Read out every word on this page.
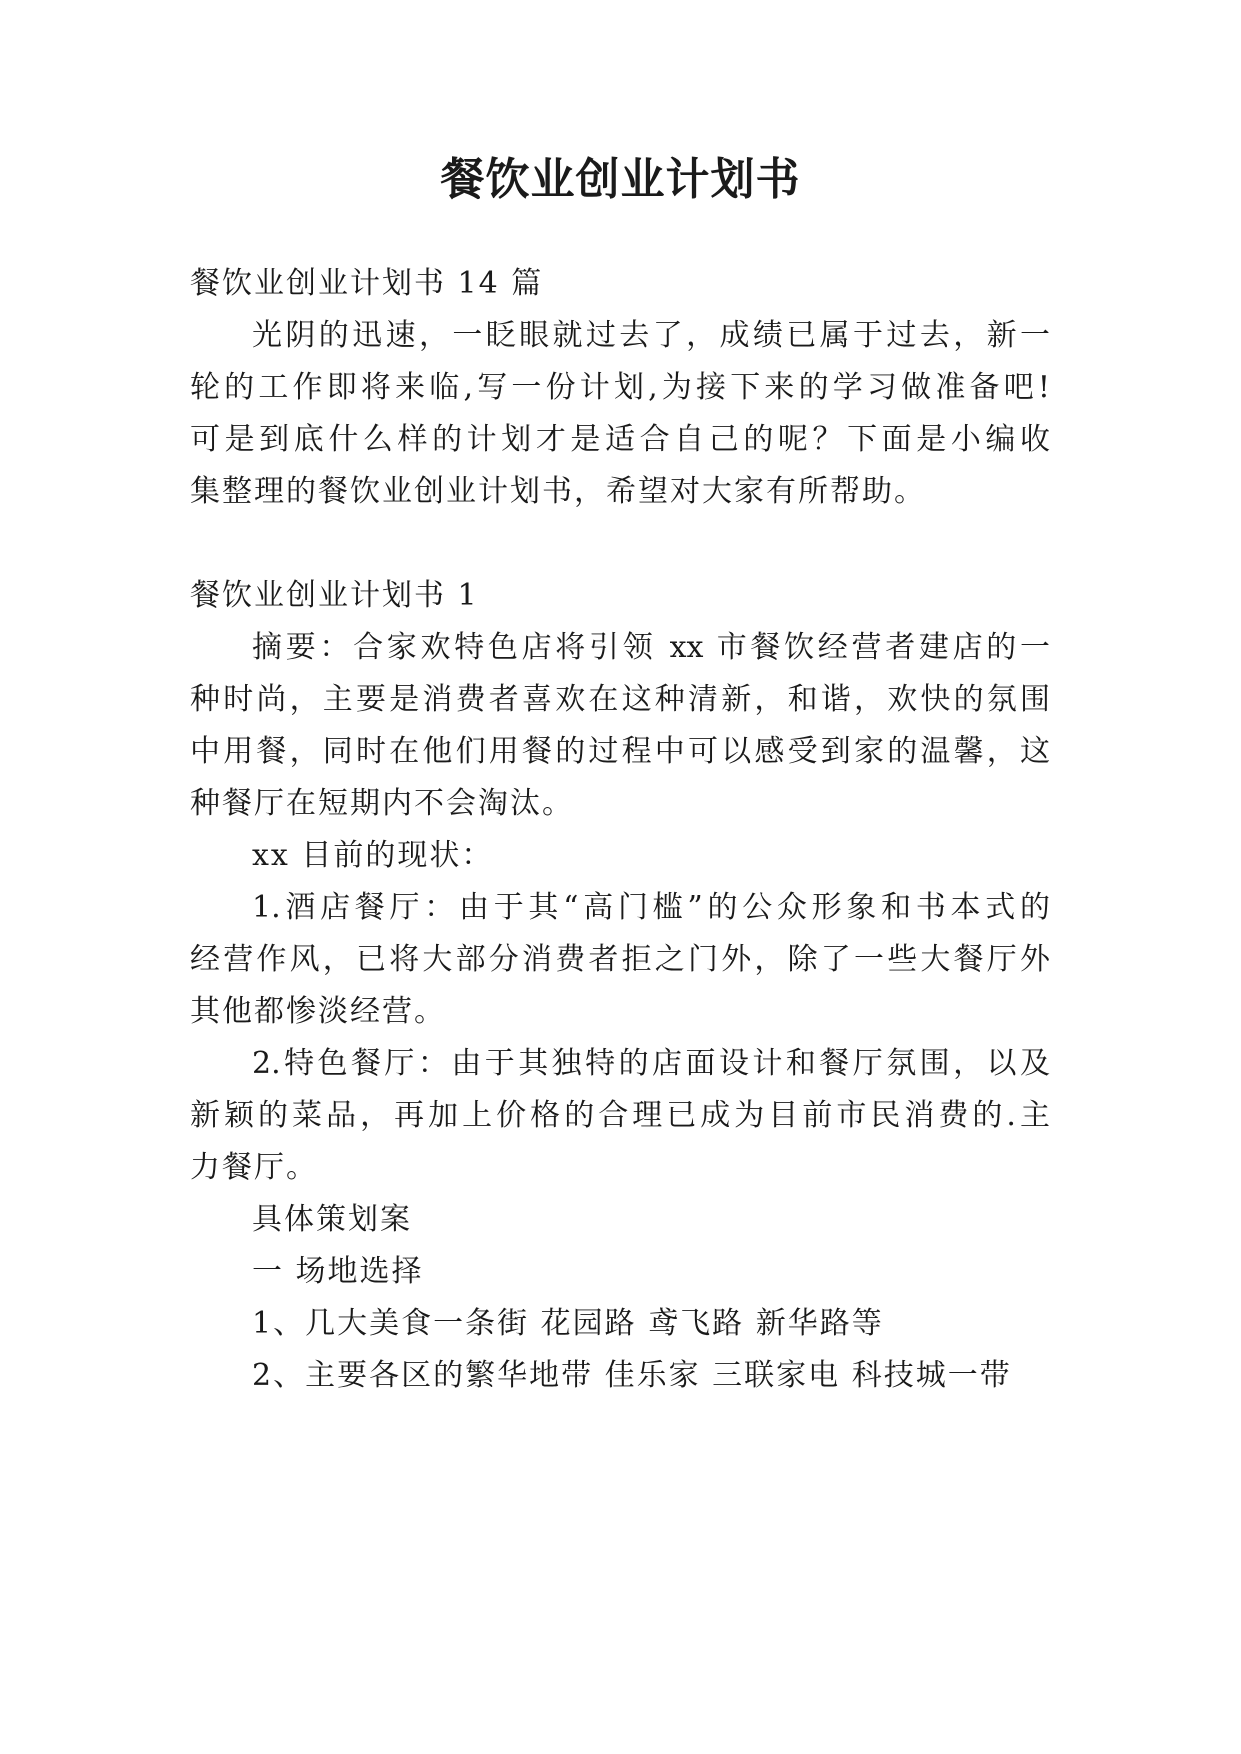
餐饮业创业计划书
餐饮业创业计划书 14 篇
光阴的迅速，一眨眼就过去了，成绩已属于过去，新一
轮的工作即将来临,写一份计划,为接下来的学习做准备吧!
可是到底什么样的计划才是适合自己的呢？下面是小编收
集整理的餐饮业创业计划书，希望对大家有所帮助。
餐饮业创业计划书 1
摘要：合家欢特色店将引领 xx 市餐饮经营者建店的一
种时尚，主要是消费者喜欢在这种清新，和谐，欢快的氛围
中用餐，同时在他们用餐的过程中可以感受到家的温馨，这
种餐厅在短期内不会淘汰。
xx 目前的现状：
1.酒店餐厅：由于其“高门槛”的公众形象和书本式的
经营作风，已将大部分消费者拒之门外，除了一些大餐厅外
其他都惨淡经营。
2.特色餐厅：由于其独特的店面设计和餐厅氛围，以及
新颖的菜品，再加上价格的合理已成为目前市民消费的.主
力餐厅。
具体策划案
一 场地选择
1、几大美食一条街 花园路 鸢飞路 新华路等
2、主要各区的繁华地带 佳乐家 三联家电 科技城一带
